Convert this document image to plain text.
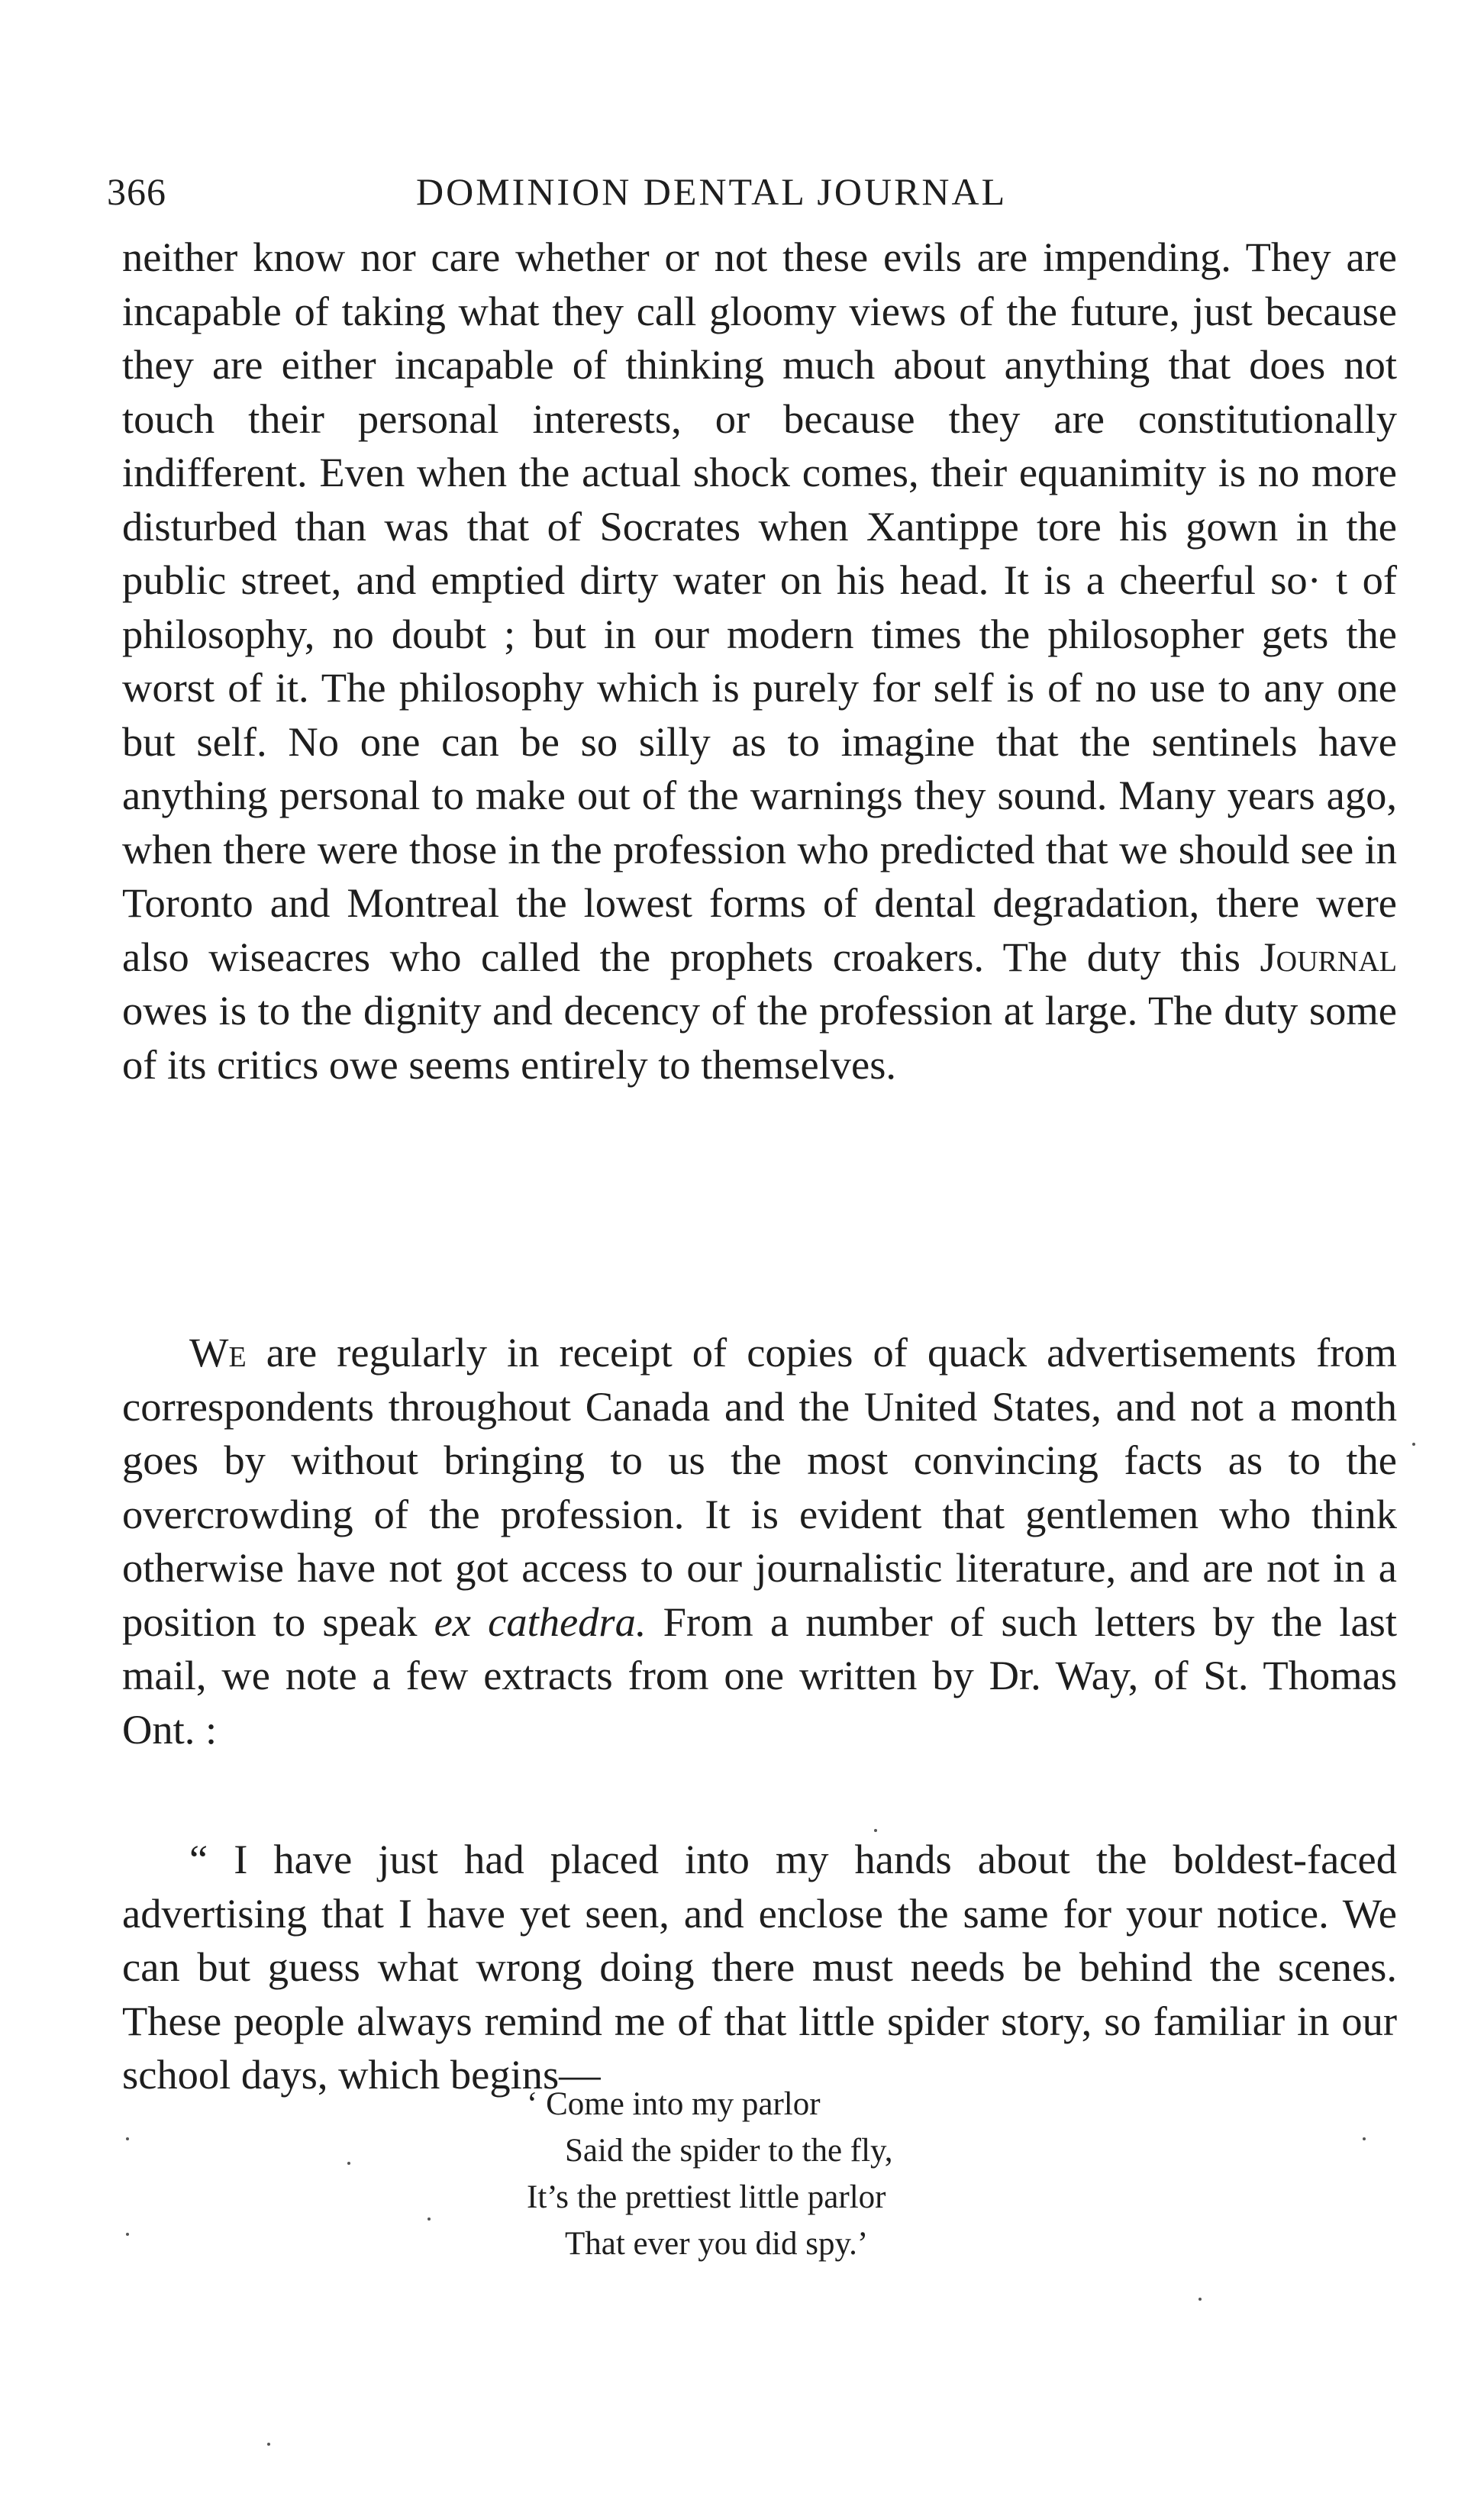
366	DOMINION DENTAL JOURNAL

neither know nor care whether or not these evils are impending. They are incapable of taking what they call gloomy views of the future, just because they are either incapable of thinking much about anything that does not touch their personal interests, or because they are constitutionally indifferent. Even when the actual shock comes, their equanimity is no more disturbed than was that of Socrates when Xantippe tore his gown in the public street, and emptied dirty water on his head. It is a cheerful so· t of philosophy, no doubt ; but in our modern times the philosopher gets the worst of it. The philosophy which is purely for self is of no use to any one but self. No one can be so silly as to imagine that the sentinels have anything personal to make out of the warnings they sound. Many years ago, when there were those in the profession who predicted that we should see in Toronto and Montreal the lowest forms of dental degradation, there were also wiseacres who called the prophets croakers. The duty this Journal owes is to the dignity and decency of the profession at large. The duty some of its critics owe seems entirely to themselves.

We are regularly in receipt of copies of quack advertisements from correspondents throughout Canada and the United States, and not a month goes by without bringing to us the most convincing facts as to the overcrowding of the profession. It is evident that gentlemen who think otherwise have not got access to our journalistic literature, and are not in a position to speak ex cathedra. From a number of such letters by the last mail, we note a few extracts from one written by Dr. Way, of St. Thomas Ont. :

“ I have just had placed into my hands about the boldest-faced advertising that I have yet seen, and enclose the same for your notice. We can but guess what wrong doing there must needs be behind the scenes. These people always remind me of that little spider story, so familiar in our school days, which begins—

‘ Come into my parlor
Said the spider to the fly,
It’s the prettiest little parlor
That ever you did spy.’
